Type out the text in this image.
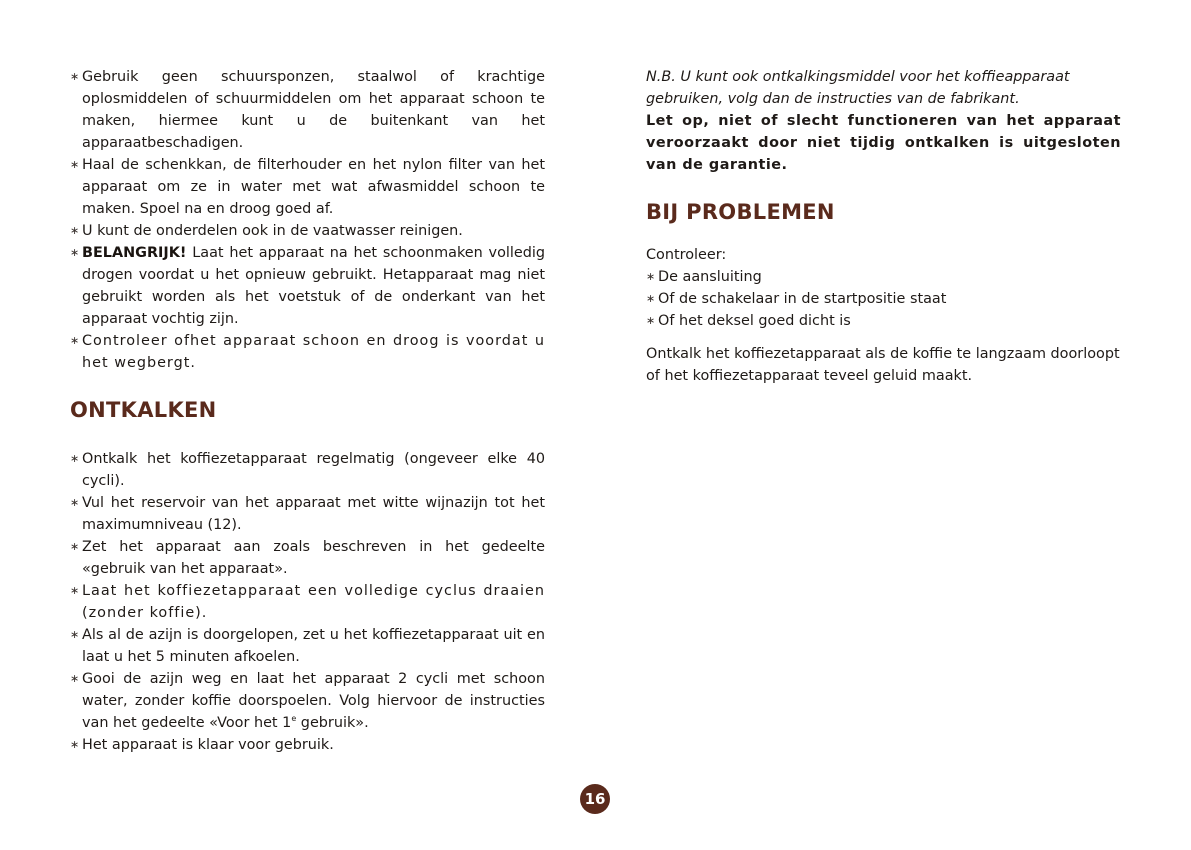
∗ Gebruik geen schuursponzen, staalwol of krachtige oplosmiddelen of schuurmiddelen om het apparaat schoon te maken, hiermee kunt u de buitenkant van het apparaatbeschadigen.
∗ Haal de schenkkan, de filterhouder en het nylon filter van het apparaat om ze in water met wat afwasmiddel schoon te maken. Spoel na en droog goed af.
∗ U kunt de onderdelen ook in de vaatwasser reinigen.
∗ BELANGRIJK! Laat het apparaat na het schoonmaken volledig drogen voordat u het opnieuw gebruikt. Hetapparaat mag niet gebruikt worden als het voetstuk of de onderkant van het apparaat vochtig zijn.
∗ Controleer ofhet apparaat schoon en droog is voordat u het wegbergt.
ONTKALKEN
∗ Ontkalk het koffiezetapparaat regelmatig (ongeveer elke 40 cycli).
∗ Vul het reservoir van het apparaat met witte wijnazijn tot het maximumniveau (12).
∗ Zet het apparaat aan zoals beschreven in het gedeelte «gebruik van het apparaat».
∗ Laat het koffiezetapparaat een volledige cyclus draaien (zonder koffie).
∗ Als al de azijn is doorgelopen, zet u het koffiezetapparaat uit en laat u het 5 minuten afkoelen.
∗ Gooi de azijn weg en laat het apparaat 2 cycli met schoon water, zonder koffie doorspoelen. Volg hiervoor de instructies van het gedeelte «Voor het 1e gebruik».
∗ Het apparaat is klaar voor gebruik.
N.B. U kunt ook ontkalkingsmiddel voor het koffieapparaat gebruiken, volg dan de instructies van de fabrikant.
Let op, niet of slecht functioneren van het apparaat veroorzaakt door niet tijdig ontkalken is uitgesloten van de garantie.
BIJ PROBLEMEN

Controleer:

∗ De aansluiting
∗ Of de schakelaar in de startpositie staat
∗ Of het deksel goed dicht is
Ontkalk het koffiezetapparaat als de koffie te langzaam doorloopt of het koffiezetapparaat teveel geluid maakt.
16
